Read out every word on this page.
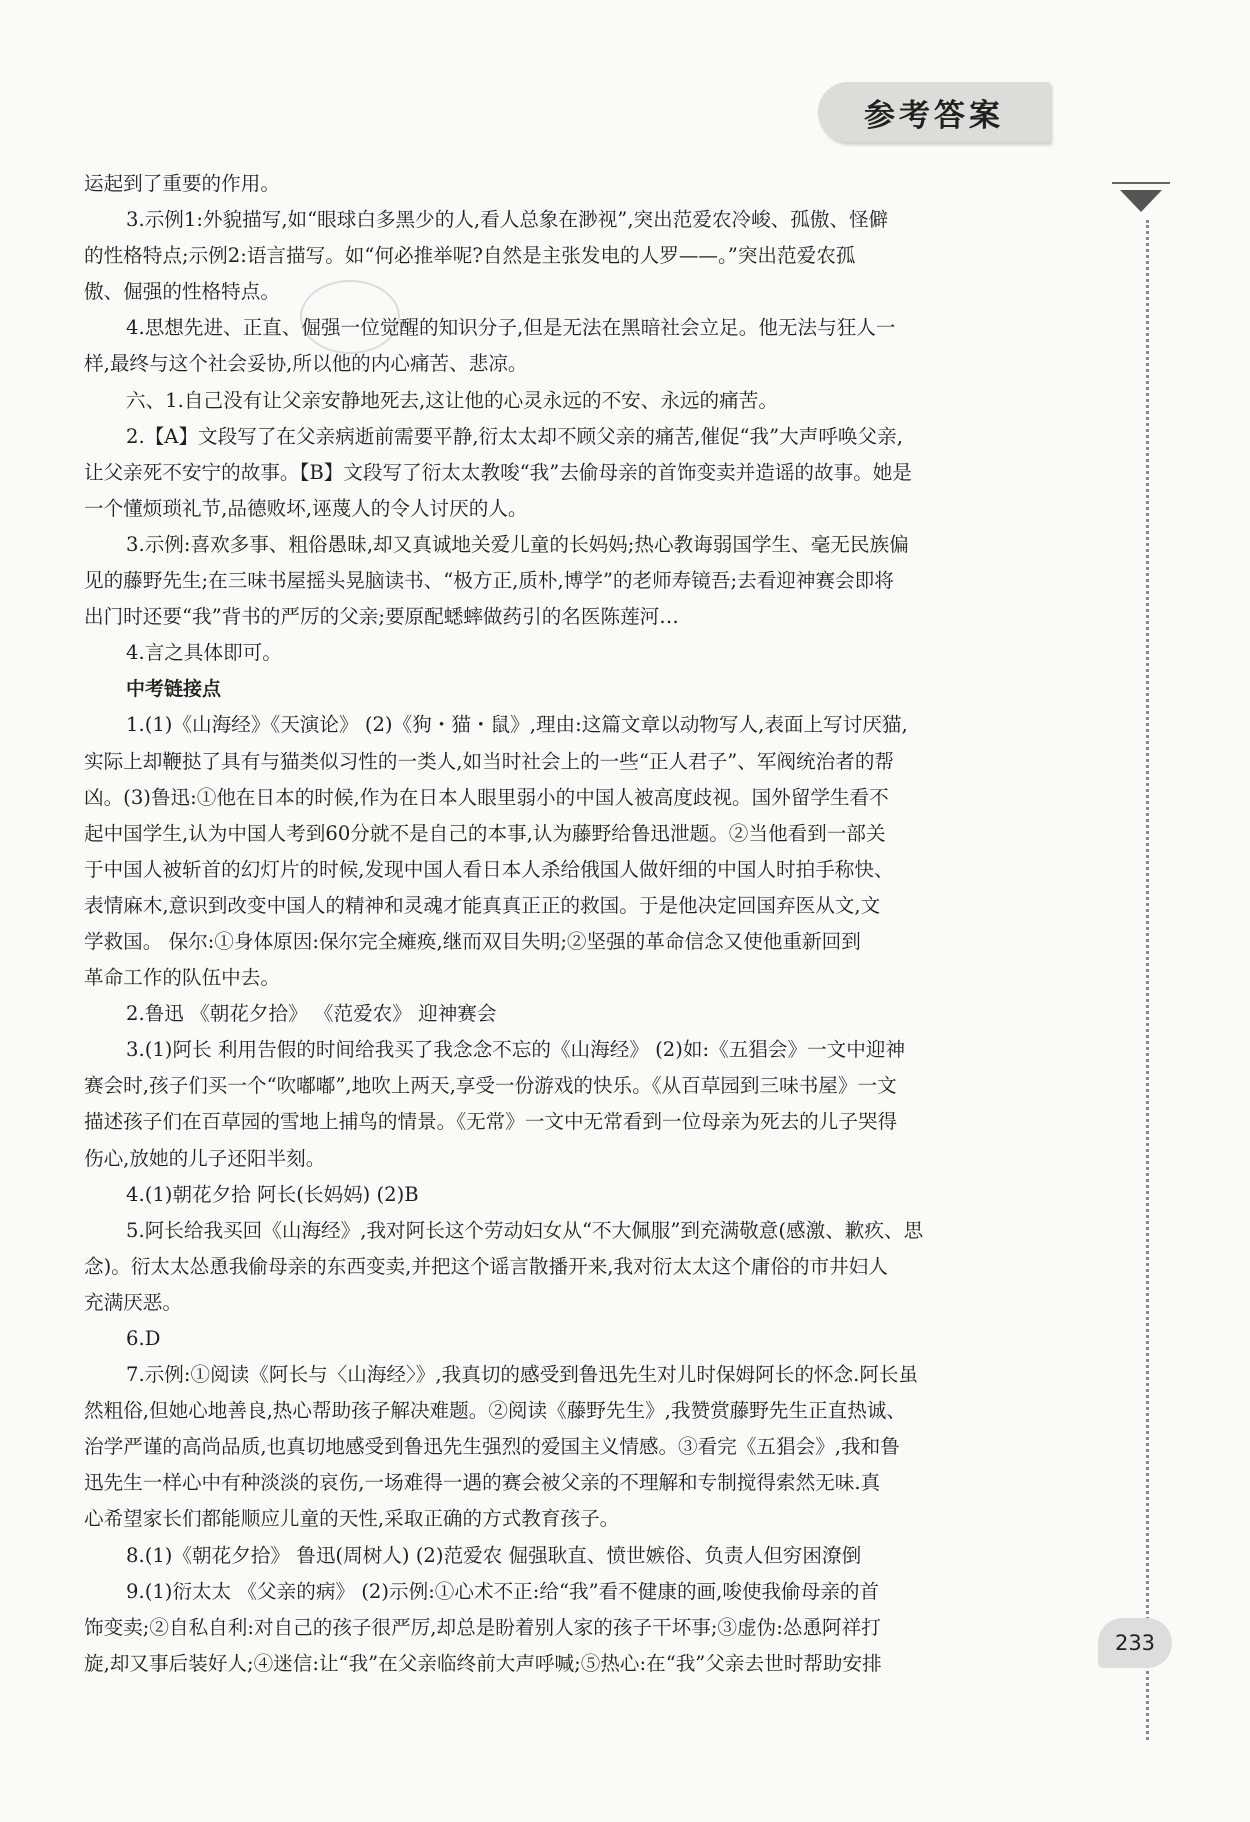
参考答案
运起到了重要的作用。
3.示例1:外貌描写,如“眼球白多黑少的人,看人总象在渺视”,突出范爱农冷峻、孤傲、怪僻
的性格特点;示例2:语言描写。如“何必推举呢?自然是主张发电的人罗——。”突出范爱农孤
傲、倔强的性格特点。
4.思想先进、正直、倔强一位觉醒的知识分子,但是无法在黑暗社会立足。他无法与狂人一
样,最终与这个社会妥协,所以他的内心痛苦、悲凉。
六、1.自己没有让父亲安静地死去,这让他的心灵永远的不安、永远的痛苦。
2.【A】文段写了在父亲病逝前需要平静,衍太太却不顾父亲的痛苦,催促“我”大声呼唤父亲,
让父亲死不安宁的故事。【B】文段写了衍太太教唆“我”去偷母亲的首饰变卖并造谣的故事。她是
一个懂烦琐礼节,品德败坏,诬蔑人的令人讨厌的人。
3.示例:喜欢多事、粗俗愚昧,却又真诚地关爱儿童的长妈妈;热心教诲弱国学生、毫无民族偏
见的藤野先生;在三味书屋摇头晃脑读书、“极方正,质朴,博学”的老师寿镜吾;去看迎神赛会即将
出门时还要“我”背书的严厉的父亲;要原配蟋蟀做药引的名医陈莲河…
4.言之具体即可。
中考链接点
1.(1)《山海经》《天演论》 (2)《狗・猫・鼠》,理由:这篇文章以动物写人,表面上写讨厌猫,
实际上却鞭挞了具有与猫类似习性的一类人,如当时社会上的一些“正人君子”、军阀统治者的帮
凶。(3)鲁迅:①他在日本的时候,作为在日本人眼里弱小的中国人被高度歧视。国外留学生看不
起中国学生,认为中国人考到60分就不是自己的本事,认为藤野给鲁迅泄题。②当他看到一部关
于中国人被斩首的幻灯片的时候,发现中国人看日本人杀给俄国人做奸细的中国人时拍手称快、
表情麻木,意识到改变中国人的精神和灵魂才能真真正正的救国。于是他决定回国弃医从文,文
学救国。 保尔:①身体原因:保尔完全瘫痪,继而双目失明;②坚强的革命信念又使他重新回到
革命工作的队伍中去。
2.鲁迅 《朝花夕拾》 《范爱农》 迎神赛会
3.(1)阿长 利用告假的时间给我买了我念念不忘的《山海经》 (2)如:《五猖会》一文中迎神
赛会时,孩子们买一个“吹嘟嘟”,地吹上两天,享受一份游戏的快乐。《从百草园到三味书屋》一文
描述孩子们在百草园的雪地上捕鸟的情景。《无常》一文中无常看到一位母亲为死去的儿子哭得
伤心,放她的儿子还阳半刻。
4.(1)朝花夕拾 阿长(长妈妈) (2)B
5.阿长给我买回《山海经》,我对阿长这个劳动妇女从“不大佩服”到充满敬意(感激、歉疚、思
念)。衍太太怂恿我偷母亲的东西变卖,并把这个谣言散播开来,我对衍太太这个庸俗的市井妇人
充满厌恶。
6.D
7.示例:①阅读《阿长与〈山海经〉》,我真切的感受到鲁迅先生对儿时保姆阿长的怀念.阿长虽
然粗俗,但她心地善良,热心帮助孩子解决难题。②阅读《藤野先生》,我赞赏藤野先生正直热诚、
治学严谨的高尚品质,也真切地感受到鲁迅先生强烈的爱国主义情感。③看完《五猖会》,我和鲁
迅先生一样心中有种淡淡的哀伤,一场难得一遇的赛会被父亲的不理解和专制搅得索然无味.真
心希望家长们都能顺应儿童的天性,采取正确的方式教育孩子。
8.(1)《朝花夕拾》 鲁迅(周树人) (2)范爱农 倔强耿直、愤世嫉俗、负责人但穷困潦倒
9.(1)衍太太 《父亲的病》 (2)示例:①心术不正:给“我”看不健康的画,唆使我偷母亲的首
饰变卖;②自私自利:对自己的孩子很严厉,却总是盼着别人家的孩子干坏事;③虚伪:怂恿阿祥打
旋,却又事后装好人;④迷信:让“我”在父亲临终前大声呼喊;⑤热心:在“我”父亲去世时帮助安排
233
